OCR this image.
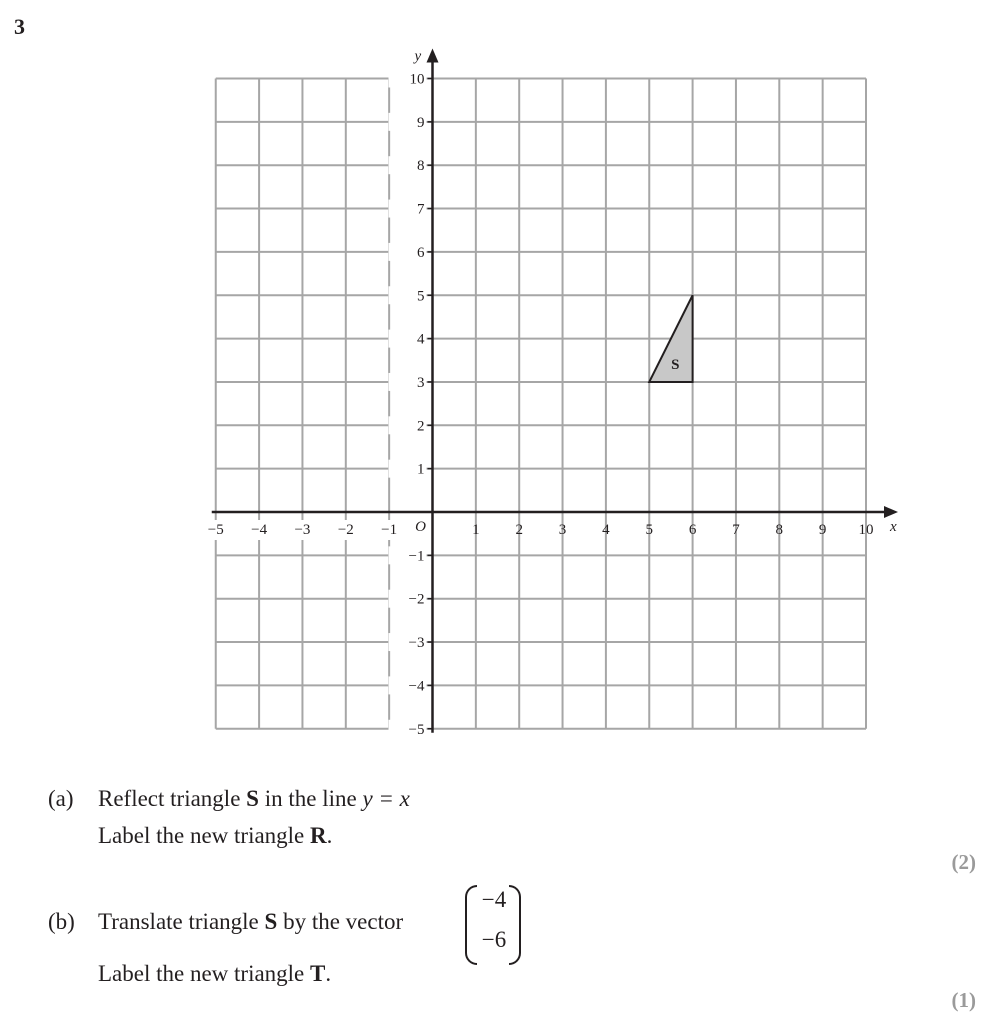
3
S
10
9
8
7
6
5
4
3
2
1
−1
−2
−3
−4
−5
−5 −4 −3 −2 −1	1 2 3 4 5 6 7 8 9 10
O	x
y
(a) Reflect triangle S in the line y = x
Label the new triangle R.
(2)
(b) Translate triangle S by the vector
−4
−6
Label the new triangle T.
(1)
